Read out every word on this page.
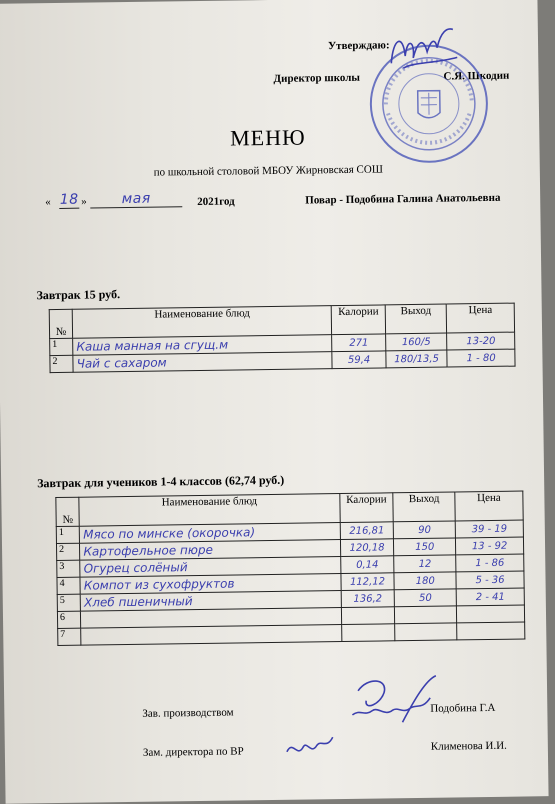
Утверждаю:
Директор школы	С.Я. Шкодин
МЕНЮ
по школьной столовой МБОУ Жирновская СОШ
« 18 »	мая	2021год	Повар - Подобина Галина Анатольевна
Завтрак 15 руб.
№	Наименование блюд	Калории	Выход	Цена
1	Каша манная на сгущ.м	271	160/5	13-20
2	Чай с сахаром	59,4	180/13,5	1 - 80
Завтрак для учеников 1-4 классов (62,74 руб.)
№	Наименование блюд	Калории	Выход	Цена
1	Мясо по минске (окорочка)	216,81	90	39 - 19
2	Картофельное пюре	120,18	150	13 - 92
3	Огурец солёный	0,14	12	1 - 86
4	Компот из сухофруктов	112,12	180	5 - 36
5	Хлеб пшеничный	136,2	50	2 - 41
6				
7				
Зав. производством	Подобина Г.А
Зам. директора по ВР	Клименова И.И.
